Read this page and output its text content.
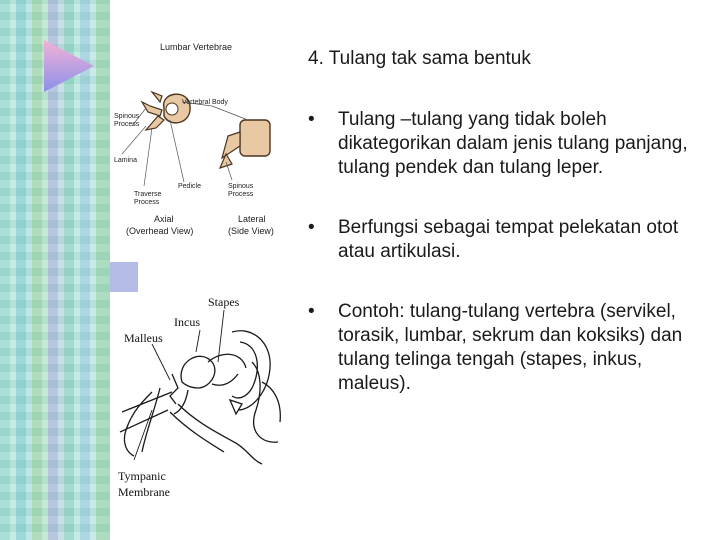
Lumbar Vertebrae
Vertebral Body
Spinous
Process
Lamina
Traverse
Process
Pedicle	Spinous
Process
Axial
(Overhead View)
Lateral
(Side View)
Stapes
Incus
Malleus
Tympanic
Membrane
4. Tulang tak sama bentuk
•	Tulang –tulang yang tidak boleh dikategorikan dalam jenis tulang panjang, tulang pendek dan tulang leper.
•	Berfungsi sebagai tempat pelekatan otot atau artikulasi.
•	Contoh: tulang-tulang vertebra (servikel, torasik, lumbar, sekrum dan koksiks) dan tulang telinga tengah (stapes, inkus, maleus).
